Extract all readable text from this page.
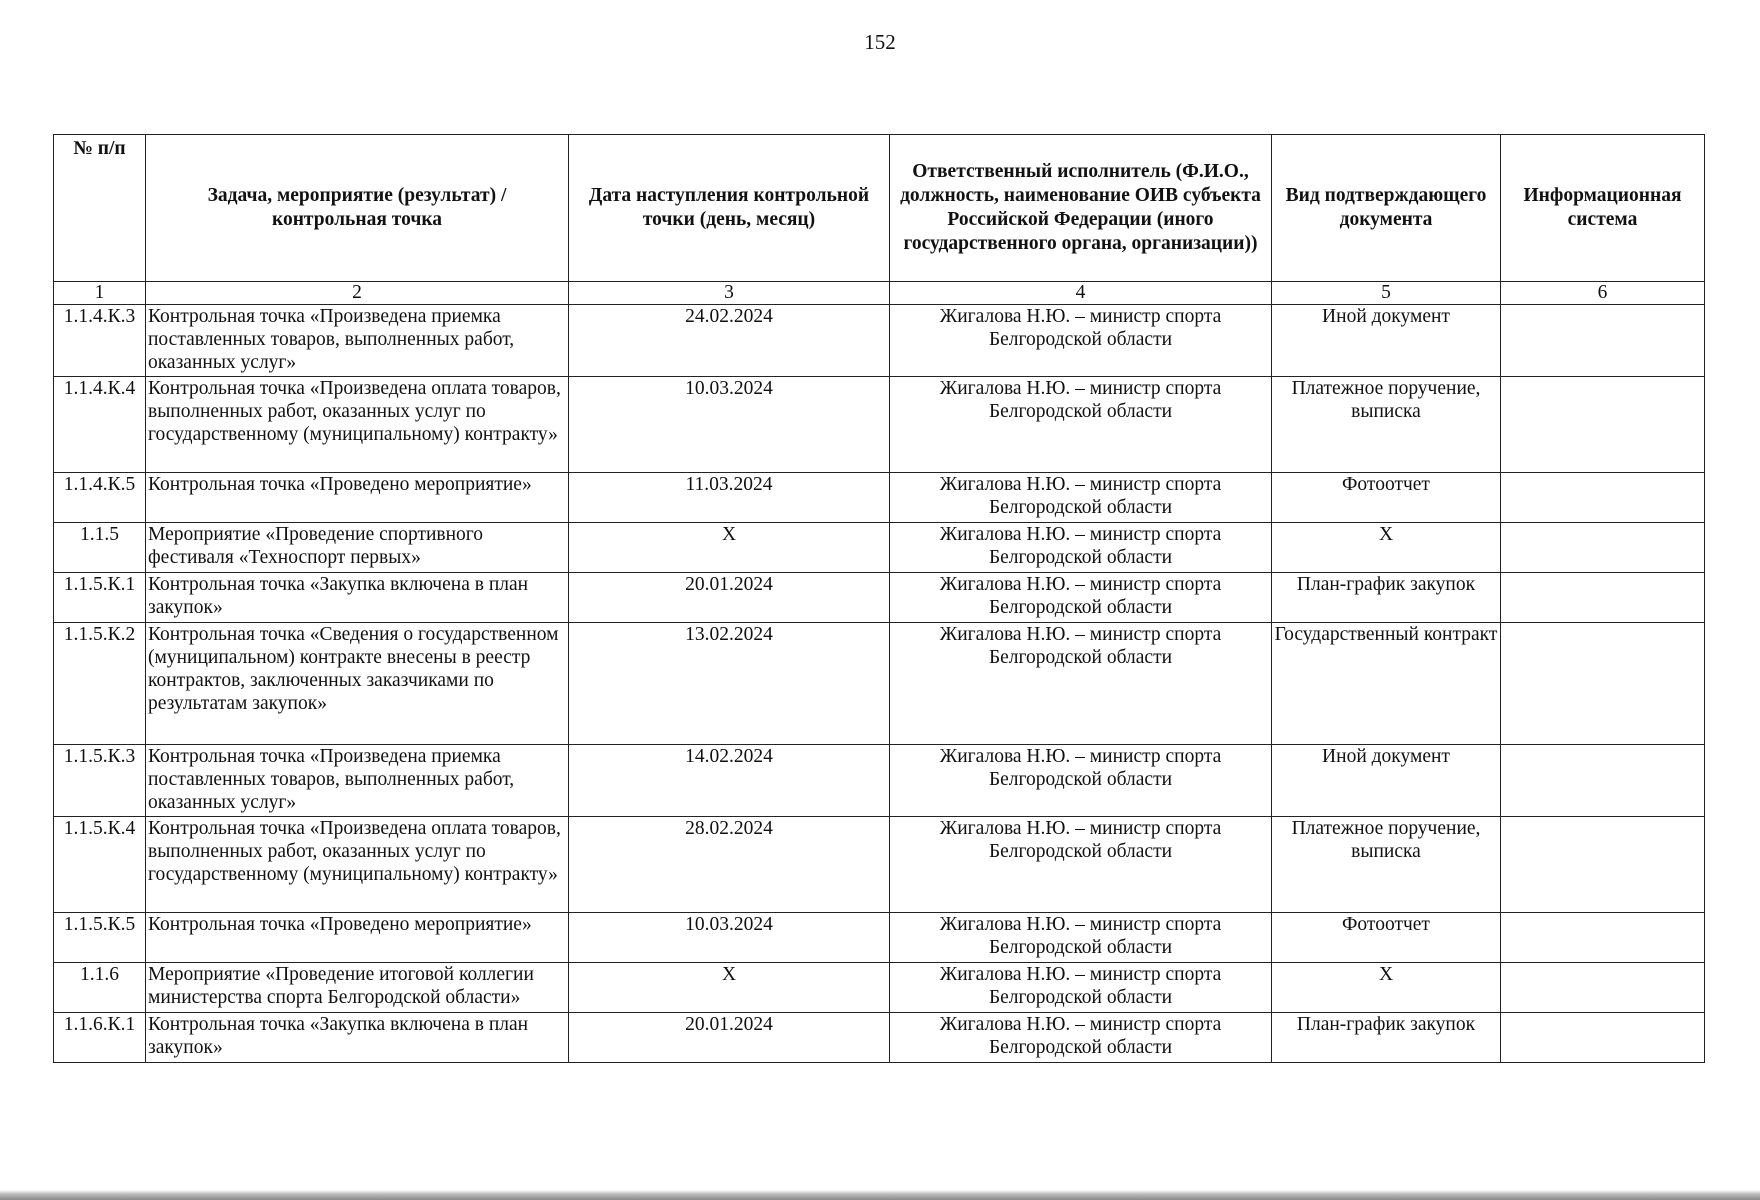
152
№ п/п	Задача, мероприятие (результат) / контрольная точка	Дата наступления контрольной точки (день, месяц)	Ответственный исполнитель (Ф.И.О., должность, наименование ОИВ субъекта Российской Федерации (иного государственного органа, организации))	Вид подтверждающего документа	Информационная система
1	2	3	4	5	6
1.1.4.К.3	Контрольная точка «Произведена приемка поставленных товаров, выполненных работ, оказанных услуг»	24.02.2024	Жигалова Н.Ю. – министр спорта Белгородской области	Иной документ	
1.1.4.К.4	Контрольная точка «Произведена оплата товаров, выполненных работ, оказанных услуг по государственному (муниципальному) контракту»	10.03.2024	Жигалова Н.Ю. – министр спорта Белгородской области	Платежное поручение, выписка	
1.1.4.К.5	Контрольная точка «Проведено мероприятие»	11.03.2024	Жигалова Н.Ю. – министр спорта Белгородской области	Фотоотчет	
1.1.5	Мероприятие «Проведение спортивного фестиваля «Техноспорт первых»	Х	Жигалова Н.Ю. – министр спорта Белгородской области	Х	
1.1.5.К.1	Контрольная точка «Закупка включена в план закупок»	20.01.2024	Жигалова Н.Ю. – министр спорта Белгородской области	План-график закупок	
1.1.5.К.2	Контрольная точка «Сведения о государственном (муниципальном) контракте внесены в реестр контрактов, заключенных заказчиками по результатам закупок»	13.02.2024	Жигалова Н.Ю. – министр спорта Белгородской области	Государственный контракт	
1.1.5.К.3	Контрольная точка «Произведена приемка поставленных товаров, выполненных работ, оказанных услуг»	14.02.2024	Жигалова Н.Ю. – министр спорта Белгородской области	Иной документ	
1.1.5.К.4	Контрольная точка «Произведена оплата товаров, выполненных работ, оказанных услуг по государственному (муниципальному) контракту»	28.02.2024	Жигалова Н.Ю. – министр спорта Белгородской области	Платежное поручение, выписка	
1.1.5.К.5	Контрольная точка «Проведено мероприятие»	10.03.2024	Жигалова Н.Ю. – министр спорта Белгородской области	Фотоотчет	
1.1.6	Мероприятие «Проведение итоговой коллегии министерства спорта Белгородской области»	Х	Жигалова Н.Ю. – министр спорта Белгородской области	Х	
1.1.6.К.1	Контрольная точка «Закупка включена в план закупок»	20.01.2024	Жигалова Н.Ю. – министр спорта Белгородской области	План-график закупок	
